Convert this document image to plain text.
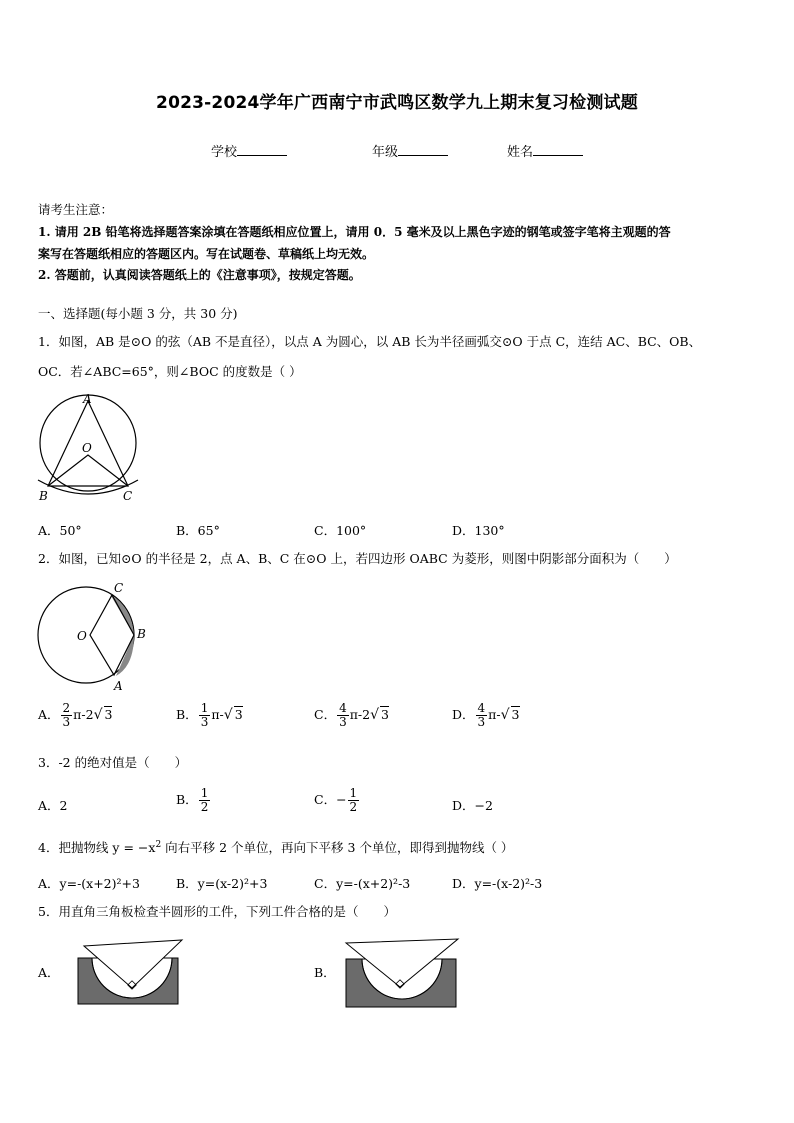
2023-2024学年广西南宁市武鸣区数学九上期末复习检测试题
学校	年级	姓名
请考生注意：
1. 请用 2B 铅笔将选择题答案涂填在答题纸相应位置上，请用 0．5 毫米及以上黑色字迹的钢笔或签字笔将主观题的答
案写在答题纸相应的答题区内。写在试题卷、草稿纸上均无效。
2. 答题前，认真阅读答题纸上的《注意事项》，按规定答题。
一、选择题(每小题 3 分，共 30 分)
1．如图，AB 是⊙O 的弦（AB 不是直径），以点 A 为圆心，以 AB 长为半径画弧交⊙O 于点 C，连结 AC、BC、OB、
OC．若∠ABC=65°，则∠BOC 的度数是（ ）
A
O
B	C
A．50°	B．65°	C．100°	D．130°
2．如图，已知⊙O 的半径是 2，点 A、B、C 在⊙O 上，若四边形 OABC 为菱形，则图中阴影部分面积为（　　）
C
O	B
A
A． $\frac{2}{3} \pi-2√$ 3	B． $\frac{1}{3} \pi-√$ 3	C． $\frac{4}{3} \pi-2√$ 3	D． $\frac{4}{3} \pi-√$ 3
3．-2 的绝对值是（　　）
A．2	B． $\frac{1}{2}$	C．− $\frac{1}{2}$	D．−2
4．把抛物线 $y = -x^2$ 向右平移 2 个单位，再向下平移 3 个单位，即得到抛物线（ ）
A．y=-(x+2)²+3	B．y=(x-2)²+3	C．y=-(x+2)²-3	D．y=-(x-2)²-3
5．用直角三角板检查半圆形的工件，下列工件合格的是（　　）
A．	B．
